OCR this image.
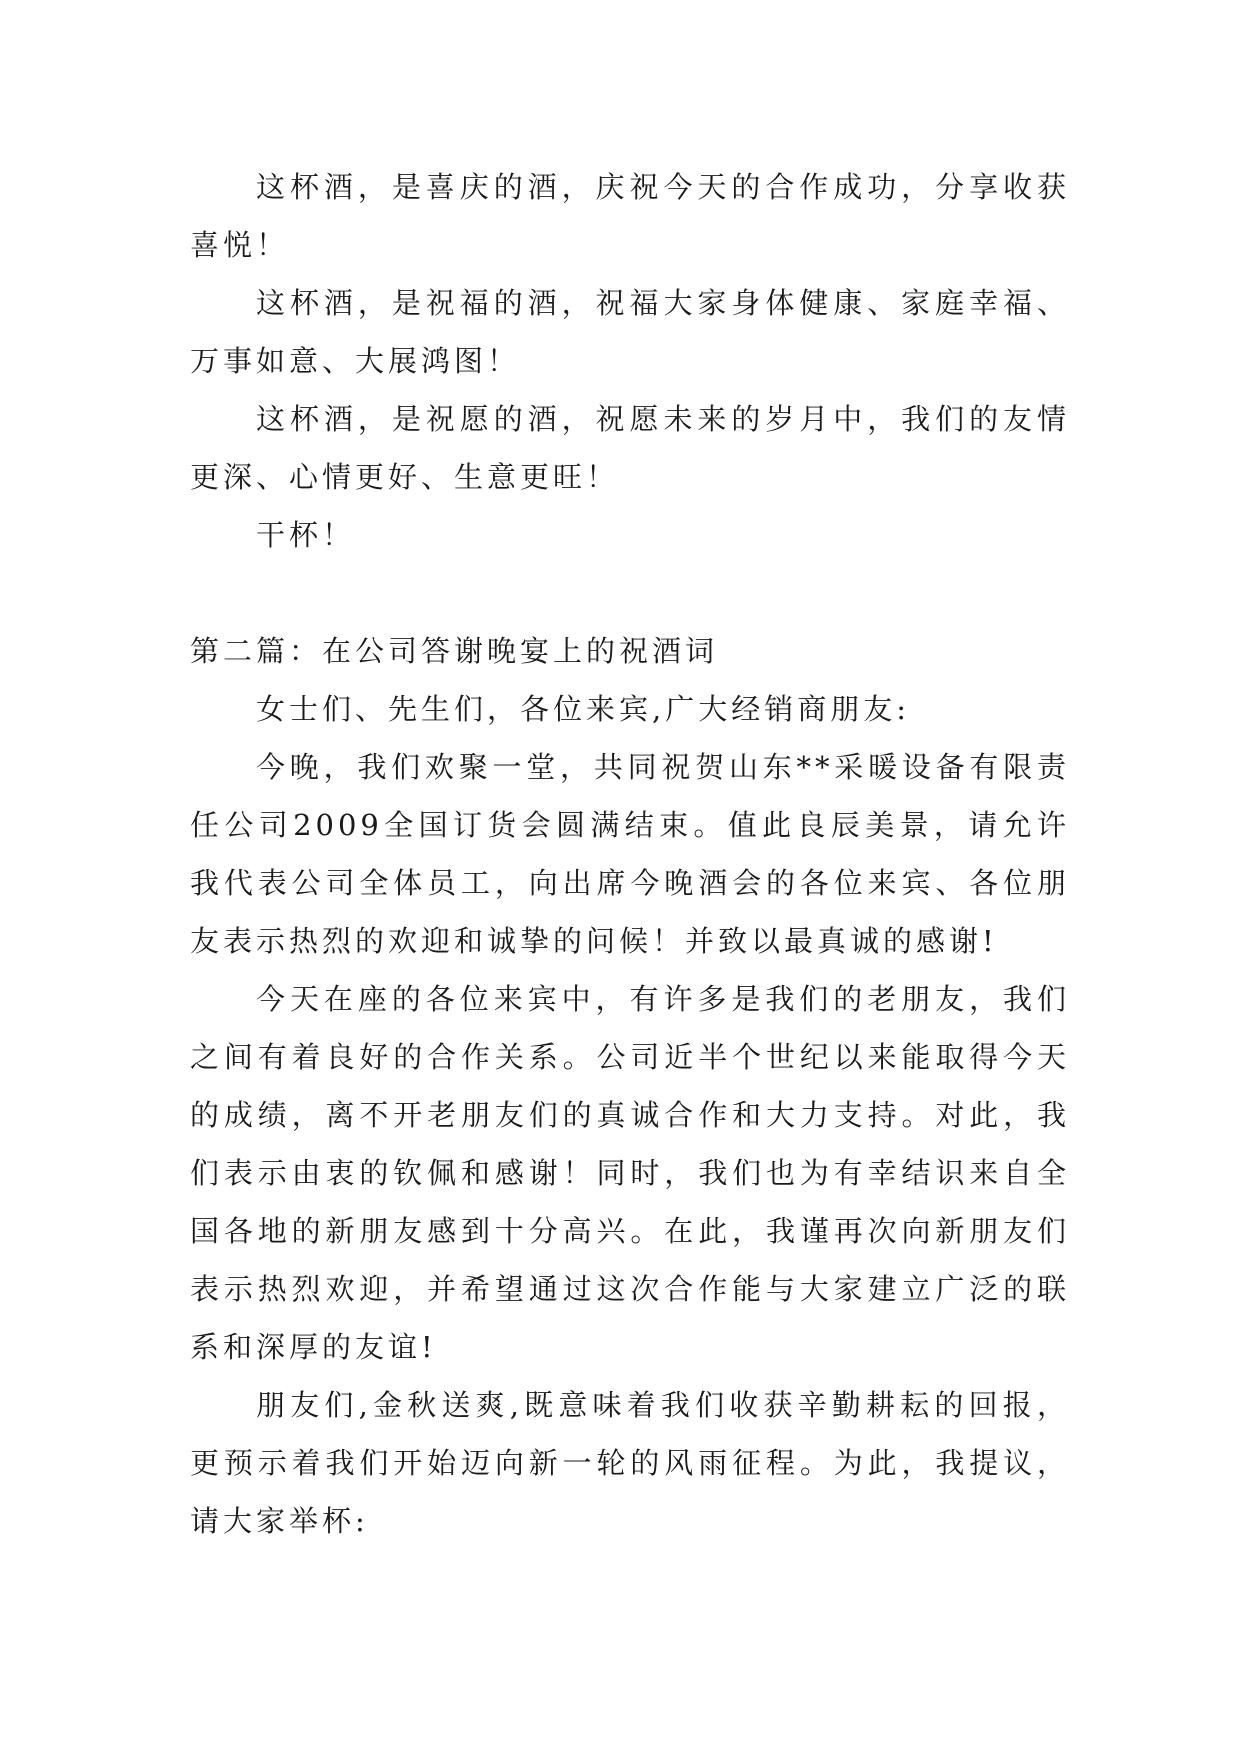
这杯酒，是喜庆的酒，庆祝今天的合作成功，分享收获喜悦！

这杯酒，是祝福的酒，祝福大家身体健康、家庭幸福、万事如意、大展鸿图！

这杯酒，是祝愿的酒，祝愿未来的岁月中，我们的友情更深、心情更好、生意更旺！

干杯！

第二篇：在公司答谢晚宴上的祝酒词

女士们、先生们，各位来宾,广大经销商朋友:

今晚，我们欢聚一堂，共同祝贺山东**采暖设备有限责任公司2009全国订货会圆满结束。值此良辰美景，请允许我代表公司全体员工，向出席今晚酒会的各位来宾、各位朋友表示热烈的欢迎和诚挚的问候！并致以最真诚的感谢!

今天在座的各位来宾中，有许多是我们的老朋友，我们之间有着良好的合作关系。公司近半个世纪以来能取得今天的成绩，离不开老朋友们的真诚合作和大力支持。对此，我们表示由衷的钦佩和感谢！同时，我们也为有幸结识来自全国各地的新朋友感到十分高兴。在此，我谨再次向新朋友们表示热烈欢迎，并希望通过这次合作能与大家建立广泛的联系和深厚的友谊!

朋友们,金秋送爽,既意味着我们收获辛勤耕耘的回报，更预示着我们开始迈向新一轮的风雨征程。为此，我提议，请大家举杯:
